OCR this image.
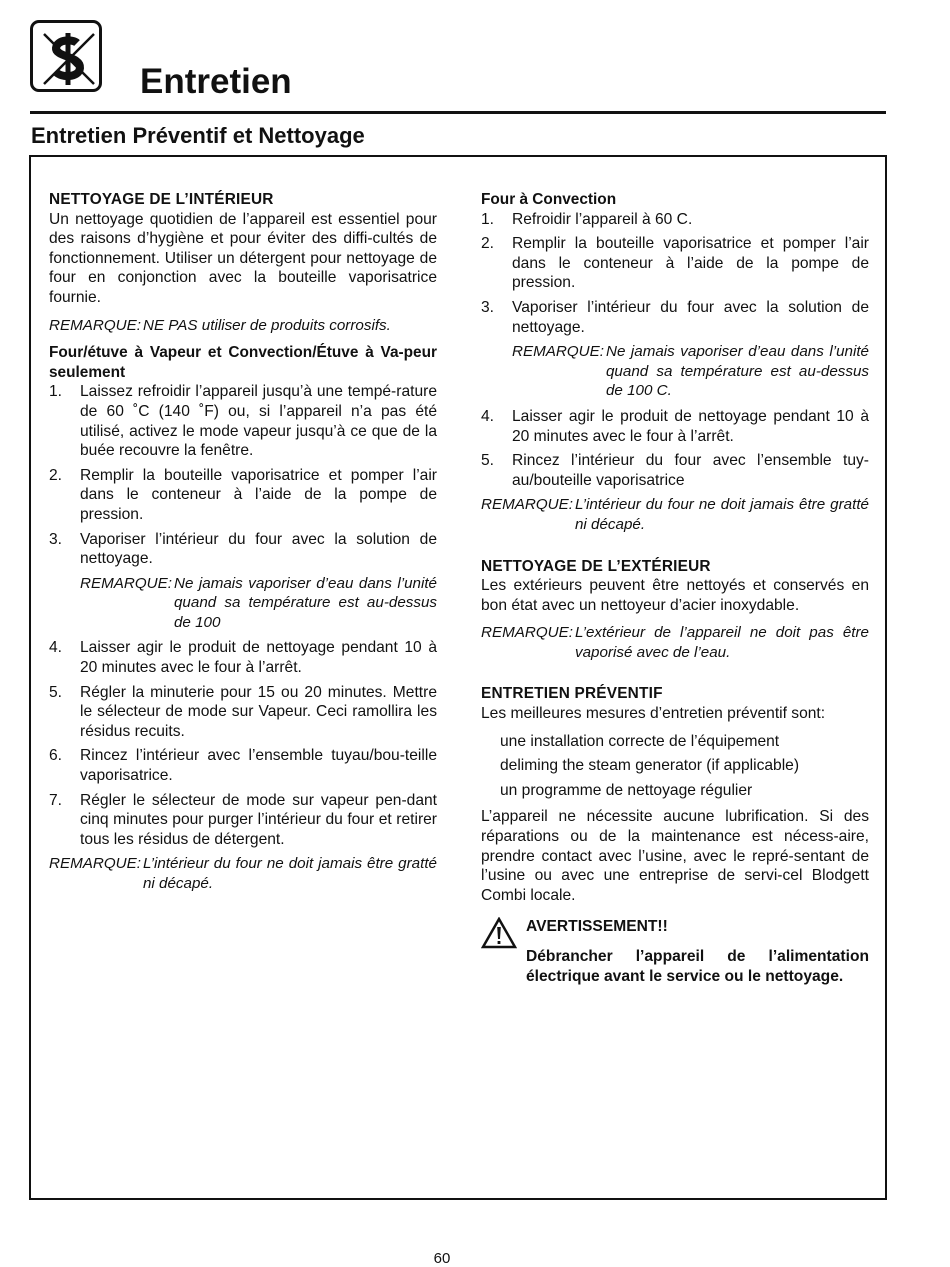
Entretien
Entretien Préventif et Nettoyage

NETTOYAGE DE L’INTÉRIEUR

Un nettoyage quotidien de l’appareil est essentiel pour des raisons d’hygiène et pour éviter des diffi-cultés de fonctionnement. Utiliser un détergent pour nettoyage de four en conjonction avec la bouteille vaporisatrice fournie.

REMARQUE: NE PAS utiliser de produits corrosifs.

Four/étuve à Vapeur et Convection/Étuve à Va-peur seulement

1.	Laissez refroidir l’appareil jusqu’à une tempé-rature de 60 ˚C (140 ˚F) ou, si l’appareil n’a pas été utilisé, activez le mode vapeur jusqu’à ce que de la buée recouvre la fenêtre.
2.	Remplir la bouteille vaporisatrice et pomper l’air dans le conteneur à l’aide de la pompe de pression.
3.	Vaporiser l’intérieur du four avec la solution de nettoyage.
REMARQUE: Ne jamais vaporiser d’eau dans l’unité quand sa température est au-dessus de 100
4.	Laisser agir le produit de nettoyage pendant 10 à 20 minutes avec le four à l’arrêt.
5.	Régler la minuterie pour 15 ou 20 minutes. Mettre le sélecteur de mode sur Vapeur. Ceci ramollira les résidus recuits.
6.	Rincez l’intérieur avec l’ensemble tuyau/bou-teille vaporisatrice.
7.	Régler le sélecteur de mode sur vapeur pen-dant cinq minutes pour purger l’intérieur du four et retirer tous les résidus de détergent.
REMARQUE: L’intérieur du four ne doit jamais être gratté ni décapé.

Four à Convection

1.	Refroidir l’appareil à 60 C.
2.	Remplir la bouteille vaporisatrice et pomper l’air dans le conteneur à l’aide de la pompe de pression.
3.	Vaporiser l’intérieur du four avec la solution de nettoyage.
REMARQUE: Ne jamais vaporiser d’eau dans l’unité quand sa température est au-dessus de 100 C.
4.	Laisser agir le produit de nettoyage pendant 10 à 20 minutes avec le four à l’arrêt.
5.	Rincez l’intérieur du four avec l’ensemble tuy-au/bouteille vaporisatrice
REMARQUE: L’intérieur du four ne doit jamais être gratté ni décapé.

NETTOYAGE DE L’EXTÉRIEUR

Les extérieurs peuvent être nettoyés et conservés en bon état avec un nettoyeur d’acier inoxydable.

REMARQUE: L’extérieur de l’appareil ne doit pas être vaporisé avec de l’eau.

ENTRETIEN PRÉVENTIF

Les meilleures mesures d’entretien préventif sont:

une installation correcte de l’équipement
deliming the steam generator (if applicable)
un programme de nettoyage régulier

L’appareil ne nécessite aucune lubrification. Si des réparations ou de la maintenance est nécess-aire, prendre contact avec l’usine, avec le repré-sentant de l’usine ou avec une entreprise de servi-cel Blodgett Combi locale.

AVERTISSEMENT!!

Débrancher l’appareil de l’alimentation électrique avant le service ou le nettoyage.

60
